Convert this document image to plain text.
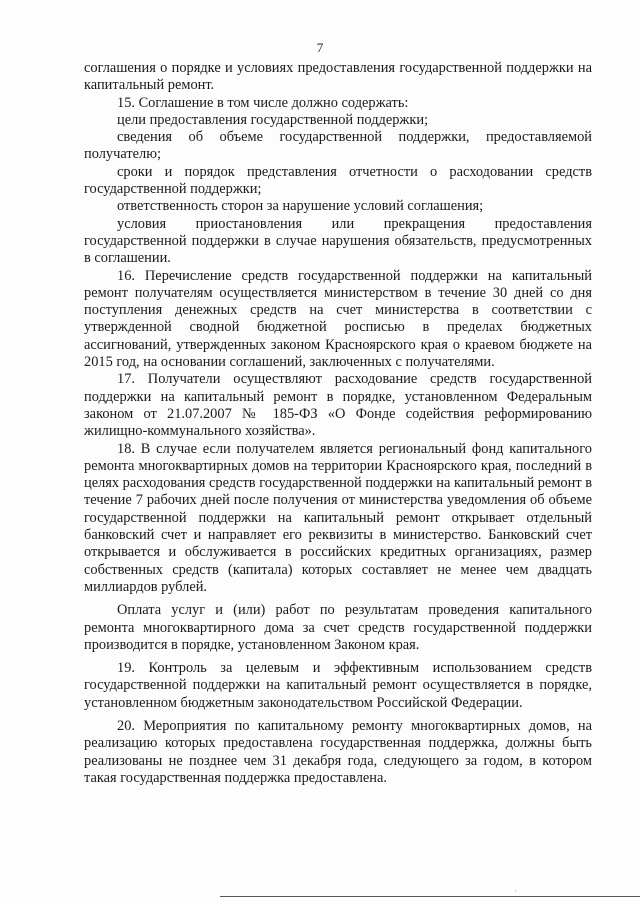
7

соглашения о порядке и условиях предоставления государственной поддержки на капитальный ремонт.

15. Соглашение в том числе должно содержать:

цели предоставления государственной поддержки;

сведения об объеме государственной поддержки, предоставляемой получателю;

сроки и порядок представления отчетности о расходовании средств государственной поддержки;

ответственность сторон за нарушение условий соглашения;

условия приостановления или прекращения предоставления государственной поддержки в случае нарушения обязательств, предусмотренных в соглашении.

16. Перечисление средств государственной поддержки на капитальный ремонт получателям осуществляется министерством в течение 30 дней со дня поступления денежных средств на счет министерства в соответствии с утвержденной сводной бюджетной росписью в пределах бюджетных ассигнований, утвержденных законом Красноярского края о краевом бюджете на 2015 год, на основании соглашений, заключенных с получателями.

17. Получатели осуществляют расходование средств государственной поддержки на капитальный ремонт в порядке, установленном Федеральным законом от 21.07.2007 № 185-ФЗ «О Фонде содействия реформированию жилищно-коммунального хозяйства».

18. В случае если получателем является региональный фонд капитального ремонта многоквартирных домов на территории Красноярского края, последний в целях расходования средств государственной поддержки на капитальный ремонт в течение 7 рабочих дней после получения от министерства уведомления об объеме государственной поддержки на капитальный ремонт открывает отдельный банковский счет и направляет его реквизиты в министерство. Банковский счет открывается и обслуживается в российских кредитных организациях, размер собственных средств (капитала) которых составляет не менее чем двадцать миллиардов рублей.

Оплата услуг и (или) работ по результатам проведения капитального ремонта многоквартирного дома за счет средств государственной поддержки производится в порядке, установленном Законом края.

19. Контроль за целевым и эффективным использованием средств государственной поддержки на капитальный ремонт осуществляется в порядке, установленном бюджетным законодательством Российской Федерации.

20. Мероприятия по капитальному ремонту многоквартирных домов, на реализацию которых предоставлена государственная поддержка, должны быть реализованы не позднее чем 31 декабря года, следующего за годом, в котором такая государственная поддержка предоставлена.

·
